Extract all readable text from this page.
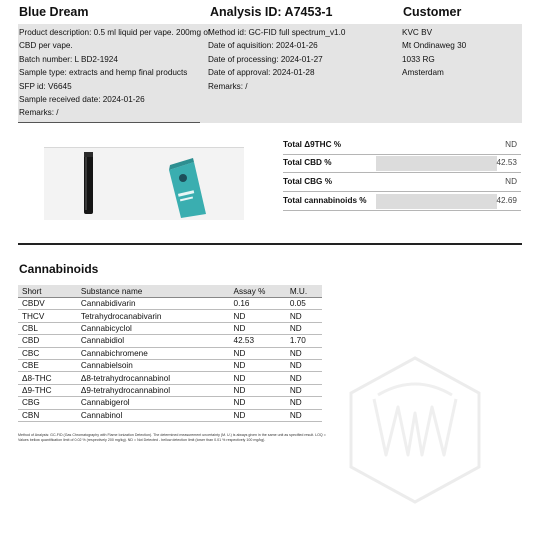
Blue Dream	Analysis ID: A7453-1	Customer
Product description: 0.5 ml liquid per vape. 200mg of
CBD per vape.
Batch number: L BD2-1924
Sample type: extracts and hemp final products
SFP id: V6645
Sample received date: 2024-01-26
Remarks: /
Method id: GC-FID full spectrum_v1.0
Date of aquisition: 2024-01-26
Date of processing: 2024-01-27
Date of approval: 2024-01-28
Remarks: /
KVC BV
Mt Ondinaweg 30
1033 RG
Amsterdam
Total Δ9THC %	ND
Total CBD %	42.53
Total CBG %	ND
Total cannabinoids %	42.69
Cannabinoids
Short	Substance name	Assay %	M.U.
CBDV	Cannabidivarin	0.16	0.05
THCV	Tetrahydrocanabivarin	ND	ND
CBL	Cannabicyclol	ND	ND
CBD	Cannabidiol	42.53	1.70
CBC	Cannabichromene	ND	ND
CBE	Cannabielsoin	ND	ND
Δ8-THC	Δ8-tetrahydrocannabinol	ND	ND
Δ9-THC	Δ9-tetrahydrocannabinol	ND	ND
CBG	Cannabigerol	ND	ND
CBN	Cannabinol	ND	ND
Method of Analysis: GC-FID (Gas Chromatography with Flame Ionization Detection). The determined measurement uncertainty (M. U.) is always given in the same unit as specified result. LOQ = Values bellow quantification limit of 0.02 % (respectively 200 mg/kg). ND = Not Detected - bellow detection limit (lower than 0.01 % respectively 100 mg/kg).
